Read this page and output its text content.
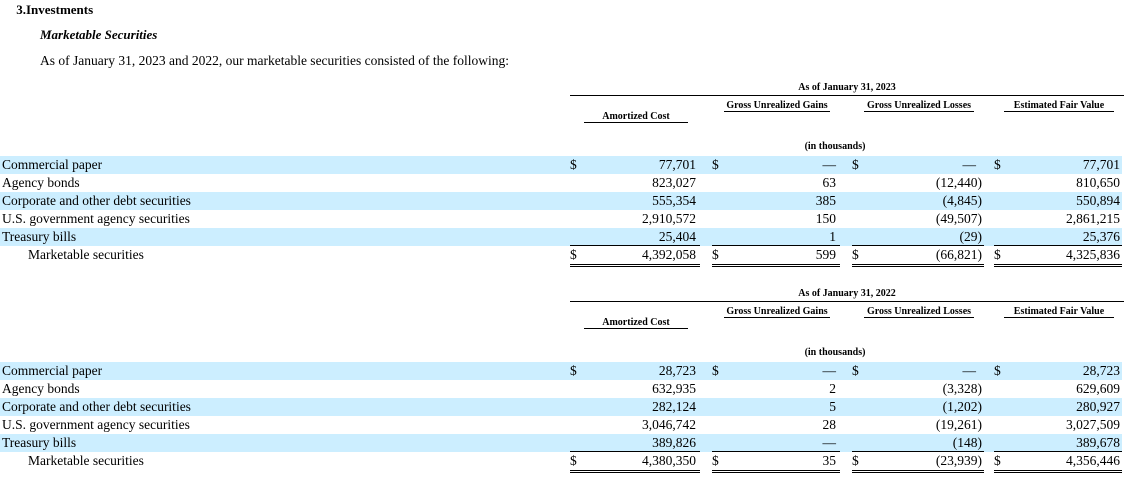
3.Investments
Marketable Securities
As of January 31, 2023 and 2022, our marketable securities consisted of the following:
As of January 31, 2023
Amortized Cost
Gross Unrealized Gains	Gross Unrealized Losses	Estimated Fair Value
(in thousands)
Commercial paper	$	77,701 $	— $	— $	77,701
Agency bonds	823,027	63	(12,440)	810,650
Corporate and other debt securities	555,354	385	(4,845)	550,894
U.S. government agency securities	2,910,572	150	(49,507)	2,861,215
Treasury bills	25,404	1	(29)	25,376
Marketable securities	$	4,392,058 $	599 $	(66,821) $	4,325,836
As of January 31, 2022
Amortized Cost
Gross Unrealized Gains	Gross Unrealized Losses	Estimated Fair Value
(in thousands)
Commercial paper	$	28,723 $	— $	— $	28,723
Agency bonds	632,935	2	(3,328)	629,609
Corporate and other debt securities	282,124	5	(1,202)	280,927
U.S. government agency securities	3,046,742	28	(19,261)	3,027,509
Treasury bills	389,826	—	(148)	389,678
Marketable securities	$	4,380,350 $	35 $	(23,939) $	4,356,446
